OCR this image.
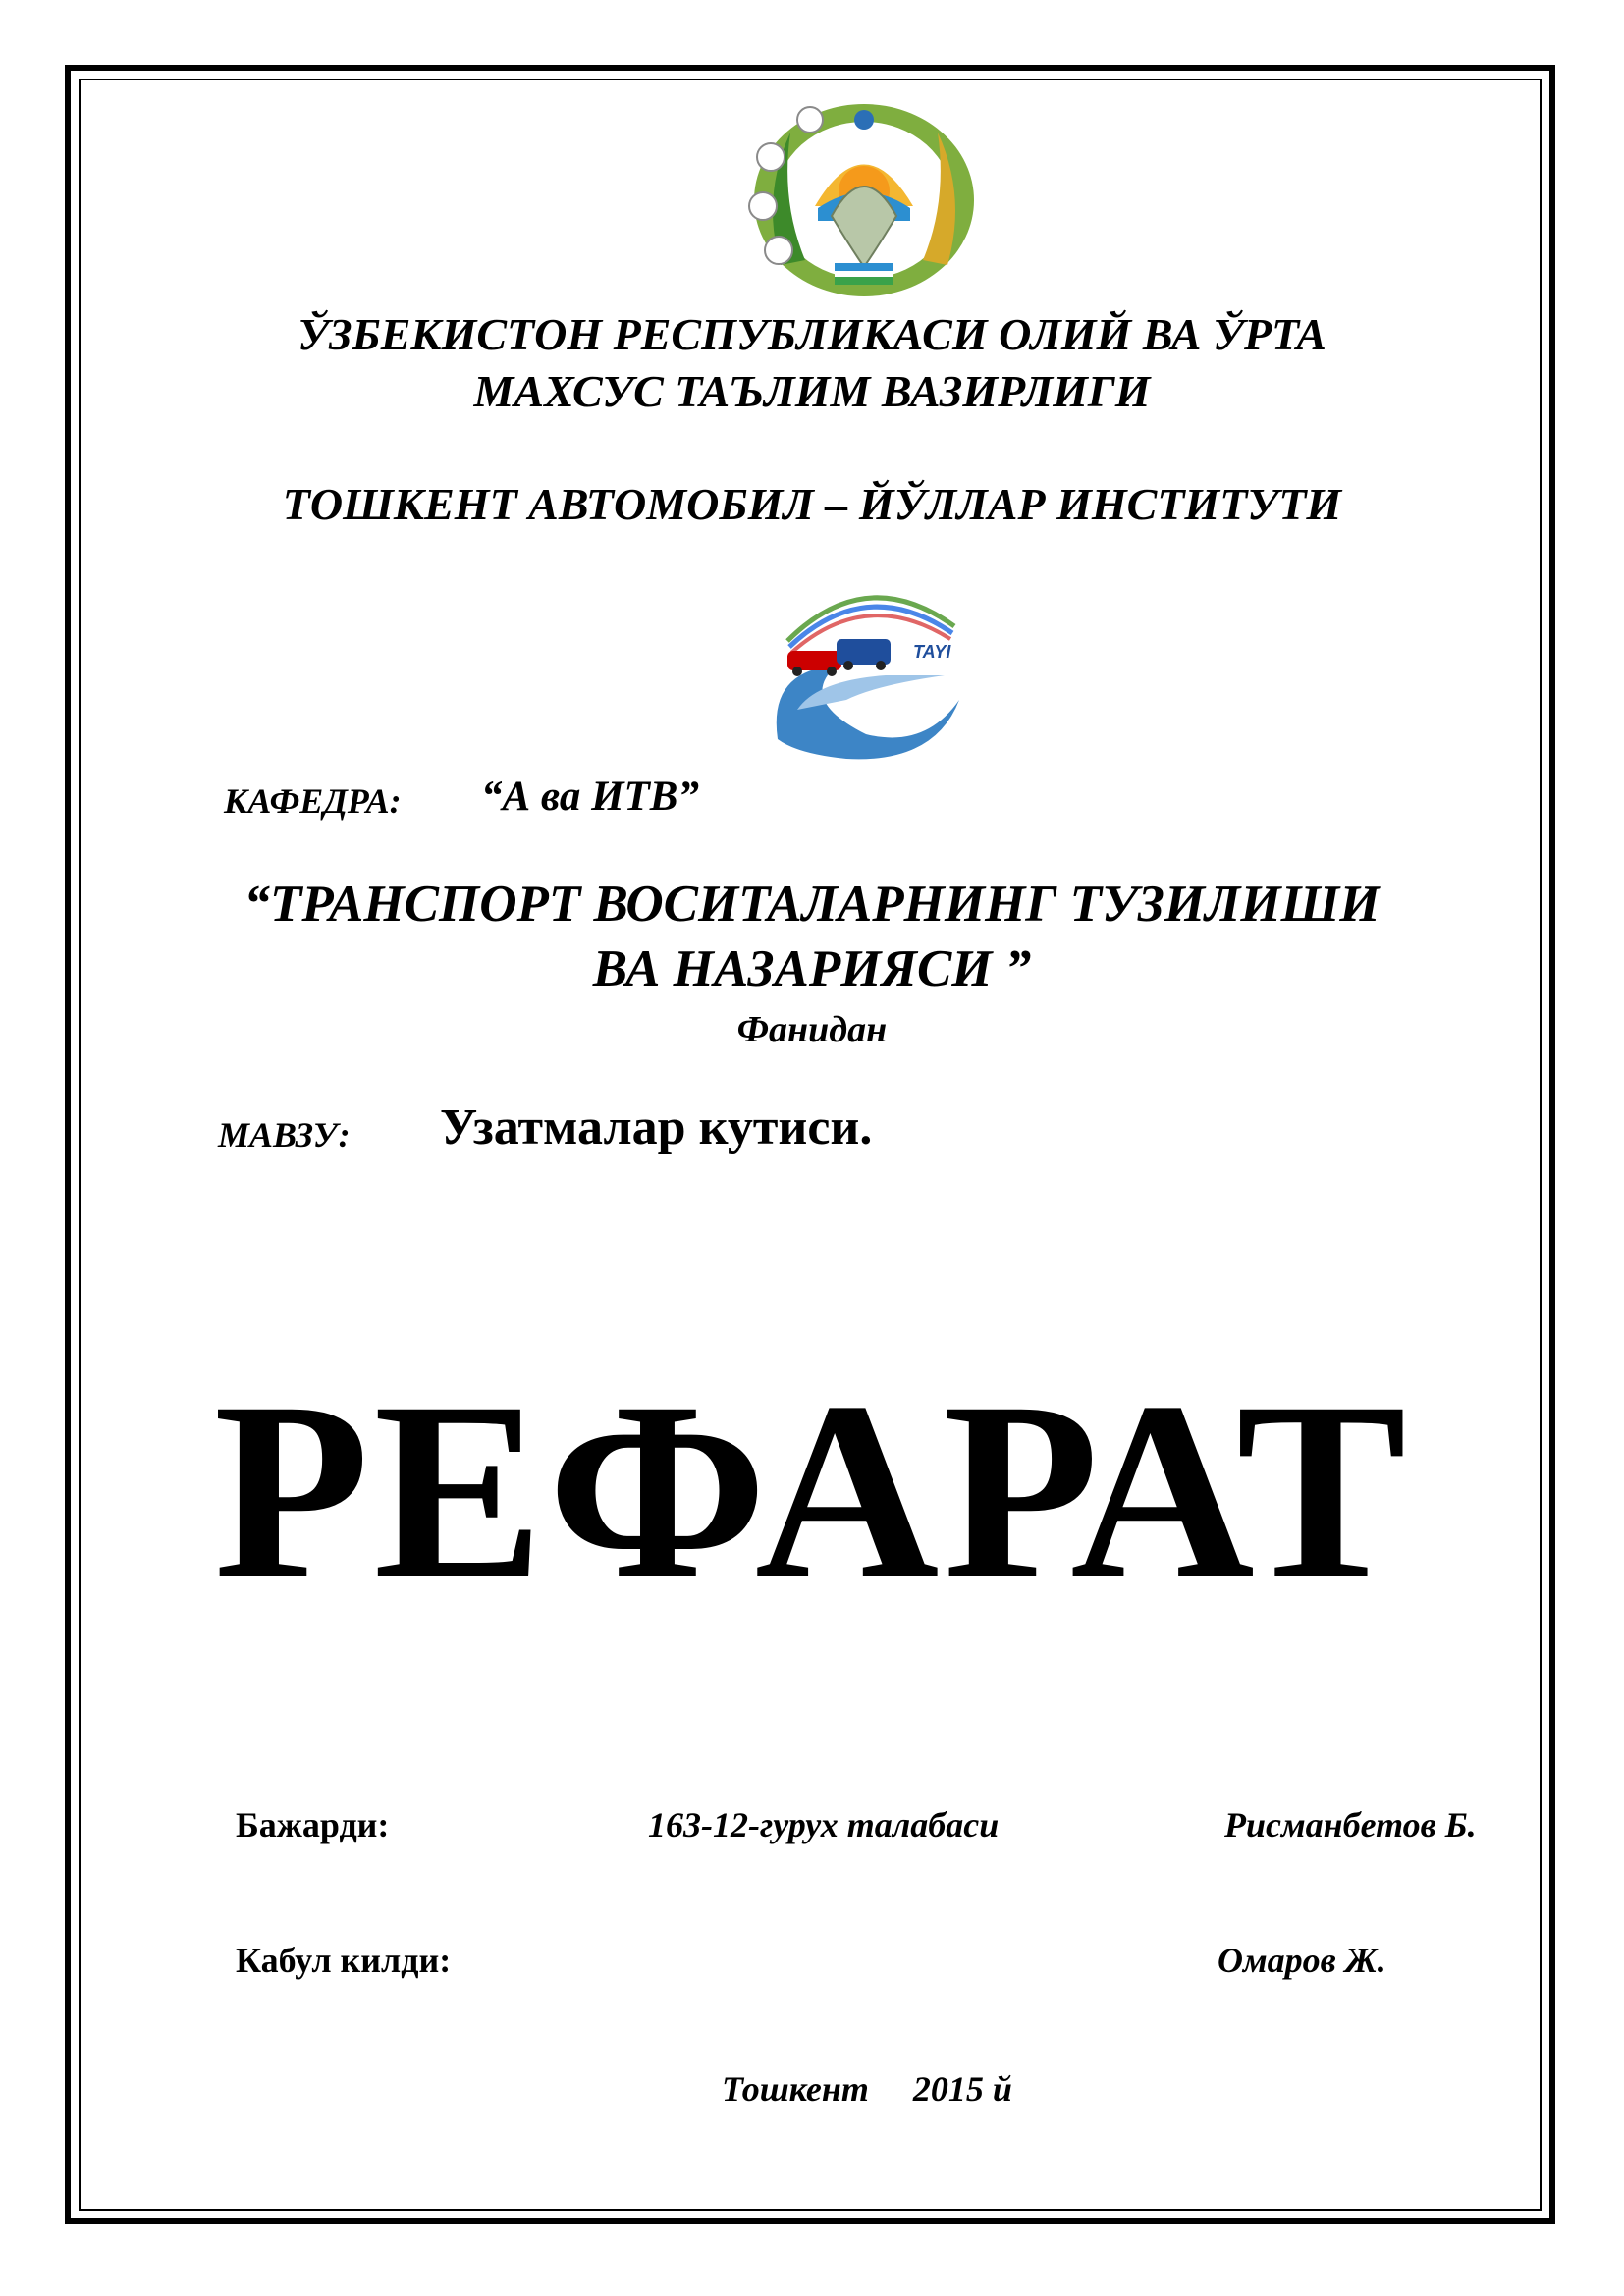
ЎЗБЕКИСТОН РЕСПУБЛИКАСИ ОЛИЙ ВА ЎРТА
МАХСУС ТАЪЛИМ ВАЗИРЛИГИ
ТОШКЕНТ АВТОМОБИЛ – ЙЎЛЛАР ИНСТИТУТИ
TAYI
КАФЕДРА: “А ва ИТВ”
“ТРАНСПОРТ ВОСИТАЛАРНИНГ ТУЗИЛИШИ
ВА НАЗАРИЯСИ ”
Фанидан
МАВЗУ: Узатмалар кутиси.
РЕФАРАТ
Бажарди:	163-12-гурух талабаси	Рисманбетов Б.
Кабул килди:	Омаров Ж.
Тошкент     2015 й
